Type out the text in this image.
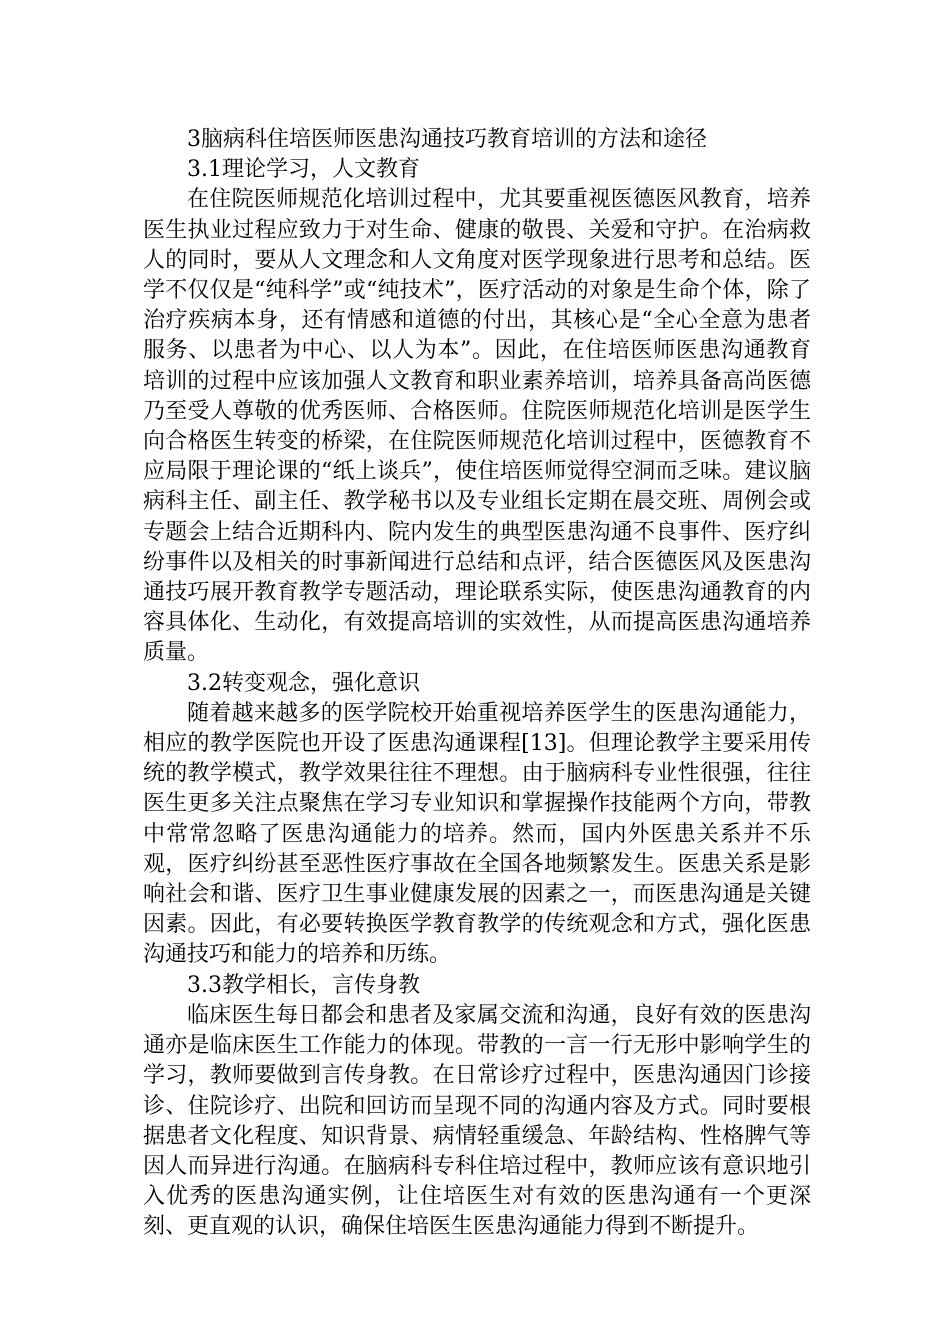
3脑病科住培医师医患沟通技巧教育培训的方法和途径

3.1理论学习，人文教育

在住院医师规范化培训过程中，尤其要重视医德医风教育，培养医生执业过程应致力于对生命、健康的敬畏、关爱和守护。在治病救人的同时，要从人文理念和人文角度对医学现象进行思考和总结。医学不仅仅是“纯科学”或“纯技术”，医疗活动的对象是生命个体，除了治疗疾病本身，还有情感和道德的付出，其核心是“全心全意为患者服务、以患者为中心、以人为本”。因此，在住培医师医患沟通教育培训的过程中应该加强人文教育和职业素养培训，培养具备高尚医德乃至受人尊敬的优秀医师、合格医师。住院医师规范化培训是医学生向合格医生转变的桥梁，在住院医师规范化培训过程中，医德教育不应局限于理论课的“纸上谈兵”，使住培医师觉得空洞而乏味。建议脑病科主任、副主任、教学秘书以及专业组长定期在晨交班、周例会或专题会上结合近期科内、院内发生的典型医患沟通不良事件、医疗纠纷事件以及相关的时事新闻进行总结和点评，结合医德医风及医患沟通技巧展开教育教学专题活动，理论联系实际，使医患沟通教育的内容具体化、生动化，有效提高培训的实效性，从而提高医患沟通培养质量。

3.2转变观念，强化意识

随着越来越多的医学院校开始重视培养医学生的医患沟通能力，相应的教学医院也开设了医患沟通课程[13]。但理论教学主要采用传统的教学模式，教学效果往往不理想。由于脑病科专业性很强，往往医生更多关注点聚焦在学习专业知识和掌握操作技能两个方向，带教中常常忽略了医患沟通能力的培养。然而，国内外医患关系并不乐观，医疗纠纷甚至恶性医疗事故在全国各地频繁发生。医患关系是影响社会和谐、医疗卫生事业健康发展的因素之一，而医患沟通是关键因素。因此，有必要转换医学教育教学的传统观念和方式，强化医患沟通技巧和能力的培养和历练。

3.3教学相长，言传身教

临床医生每日都会和患者及家属交流和沟通，良好有效的医患沟通亦是临床医生工作能力的体现。带教的一言一行无形中影响学生的学习，教师要做到言传身教。在日常诊疗过程中，医患沟通因门诊接诊、住院诊疗、出院和回访而呈现不同的沟通内容及方式。同时要根据患者文化程度、知识背景、病情轻重缓急、年龄结构、性格脾气等因人而异进行沟通。在脑病科专科住培过程中，教师应该有意识地引入优秀的医患沟通实例，让住培医生对有效的医患沟通有一个更深刻、更直观的认识，确保住培医生医患沟通能力得到不断提升。
